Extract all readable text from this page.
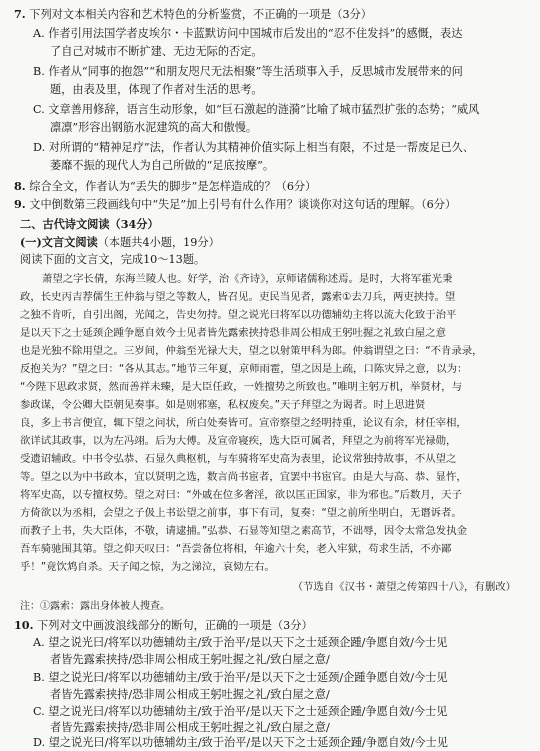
7. 下列对文本相关内容和艺术特色的分析鉴赏，不正确的一项是（3分）
A. 作者引用法国学者皮埃尔・卡蓝默访问中国城市后发出的“忍不住发抖”的感慨，表达
了自己对城市不断扩建、无边无际的否定。
B. 作者从“同事的抱怨”“和朋友咫尺无法相聚”等生活琐事入手，反思城市发展带来的问
题，由表及里，体现了作者对生活的思考。
C. 文章善用修辞，语言生动形象，如“巨石激起的涟漪”比喻了城市猛烈扩张的态势；“威风
凛凛”形容出钢筋水泥建筑的高大和傲慢。
D. 对所谓的“精神足疗”法，作者认为其精神价值实际上相当有限，不过是一帮废足已久、
萎靡不振的现代人为自己所做的“足底按摩”。
8. 综合全文，作者认为“丢失的脚步”是怎样造成的？（6分）
9. 文中倒数第三段画线句中“失足”加上引号有什么作用？谈谈你对这句话的理解。（6分）
二、古代诗文阅读（34分）
(一)文言文阅读（本题共4小题，19分）
阅读下面的文言文，完成10～13题。
萧望之字长倩，东海兰陵人也。好学，治《齐诗》，京师诸儒称述焉。是时，大将军霍光秉
政，长史丙吉荐儒生王仲翁与望之等数人，皆召见。吏民当见者，露索①去刀兵，两吏挟持。望
之独不肯听，自引出阁，光闻之，告史勿持。望之说光曰将军以功德辅幼主将以流大化致于治平
是以天下之士延颈企踵争愿自效今士见者皆先露索挟持恐非周公相成王躬吐握之礼致白屋之意
也是光独不除用望之。三岁间，仲翁至光禄大夫，望之以射策甲科为郎。仲翁谓望之曰：“不肯录录，
反抱关为？”望之曰：“各从其志。”地节三年夏，京师雨雹，望之因是上疏，口陈灾异之意，以为：
“今陛下思政求贤，然而善祥未臻，是大臣任政，一姓擅势之所致也。”唯明主躬万机，举贤材，与
参政谋，令公卿大臣朝见奏事。如是则邪塞，私权废矣。”天子拜望之为谒者。时上思进贤
良，多上书言便宜，辄下望之问状，所白处奏皆可。宣帝察望之经明持重，论议有余，材任宰相，
欲详试其政事，以为左冯翊。后为大傅。及宣帝寝疾，选大臣可属者，拜望之为前将军光禄勋，
受遗诏辅政。中书令弘恭、石显久典枢机，与车骑将军史高为表里，论议常独持故事，不从望之
等。望之以为中书政本，宜以贤明之选，数言尚书宦者，宜罢中书宦官。由是大与高、恭、显忤，
将军史高，以专擅权势。望之对曰：“外戚在位多奢淫，欲以匡正国家，非为邪也。”后数月，天子
方倚欲以为丞相，会望之子伋上书讼望之前事，事下有司，复奏：“望之前所坐明白，无谮诉者。
而教子上书，失大臣体，不敬，请逮捕。”弘恭、石显等知望之素高节，不诎辱，因令太常急发执金
吾车骑驰围其第。望之仰天叹曰：“吾尝备位将相，年逾六十矣，老入牢狱，苟求生活，不亦鄙
乎！”竟饮鸩自杀。天子闻之惊，为之涕泣，哀恸左右。
（节选自《汉书・萧望之传第四十八》，有删改）
注：①露索：露出身体被人搜查。
10. 下列对文中画波浪线部分的断句，正确的一项是（3分）
A. 望之说光曰/将军以功德辅幼主/致于治平/是以天下之士延颈企踵/争愿自效/今士见
者皆先露索挟持/恐非周公相成王躬吐握之礼/致白屋之意/
B. 望之说光曰/将军以功德辅幼主/致于治平/是以天下之士延颈/企踵争愿自效/今士见
者皆先露索挟持/恐非周公相成王躬吐握之礼/致白屋之意/
C. 望之说光曰/将军以功德辅幼主/致于治平/是以天下之士延颈企踵/争愿自效/今士见
者皆先露索挟持/恐非周公相成王躬吐握之礼/致白屋之意/
D. 望之说光曰/将军以功德辅幼主/致于治平/是以天下之士延颈企踵/争愿自效/今士见
